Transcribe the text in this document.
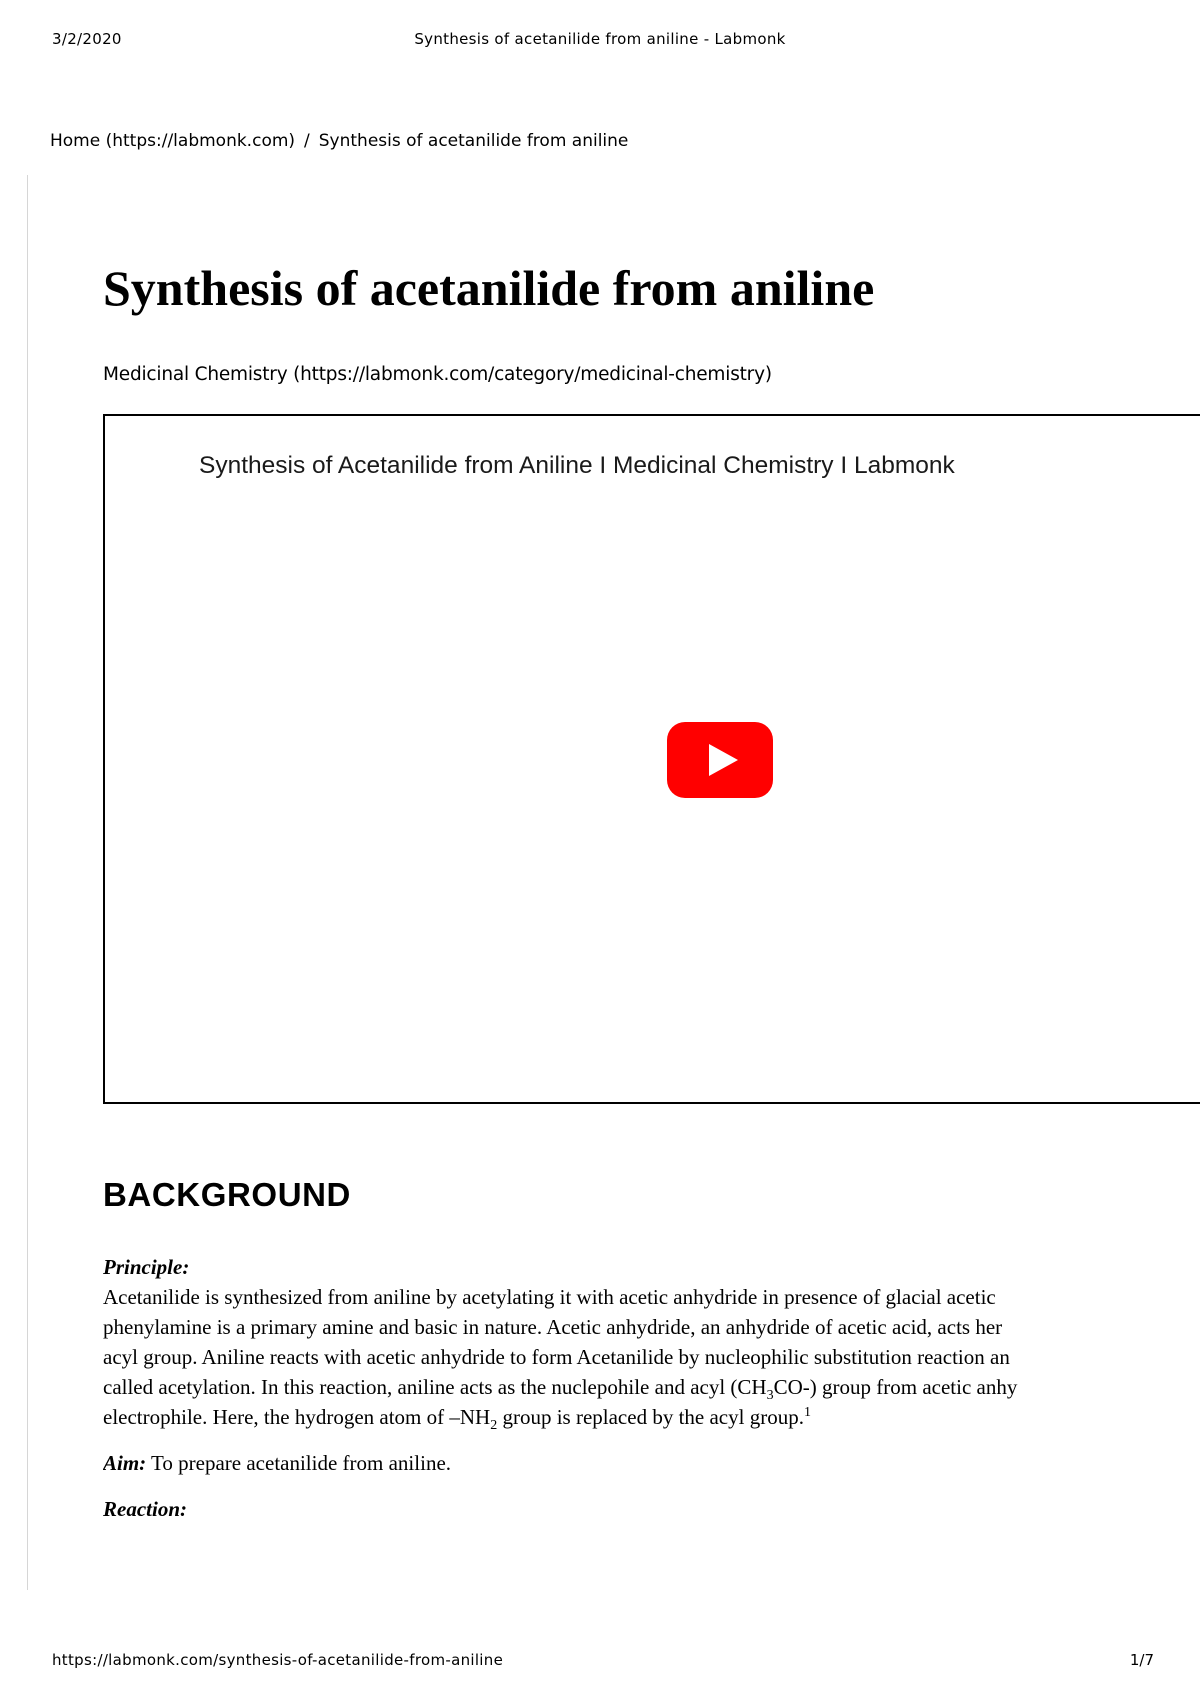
3/2/2020	Synthesis of acetanilide from aniline - Labmonk
Home (https://labmonk.com) / Synthesis of acetanilide from aniline
Synthesis of acetanilide from aniline
Medicinal Chemistry (https://labmonk.com/category/medicinal-chemistry)
Synthesis of Acetanilide from Aniline I Medicinal Chemistry I Labmonk
BACKGROUND
Principle:
Acetanilide is synthesized from aniline by acetylating it with acetic anhydride in presence of glacial acetic
phenylamine is a primary amine and basic in nature. Acetic anhydride, an anhydride of acetic acid, acts her
acyl group. Aniline reacts with acetic anhydride to form Acetanilide by nucleophilic substitution reaction an
called acetylation. In this reaction, aniline acts as the nuclepohile and acyl $(CH_3CO-)$ group from acetic anhy
electrophile. Here, the hydrogen atom of $-NH_2$ group is replaced by the acyl group.$^1$
Aim: To prepare acetanilide from aniline.
Reaction:
https://labmonk.com/synthesis-of-acetanilide-from-aniline	1/7
